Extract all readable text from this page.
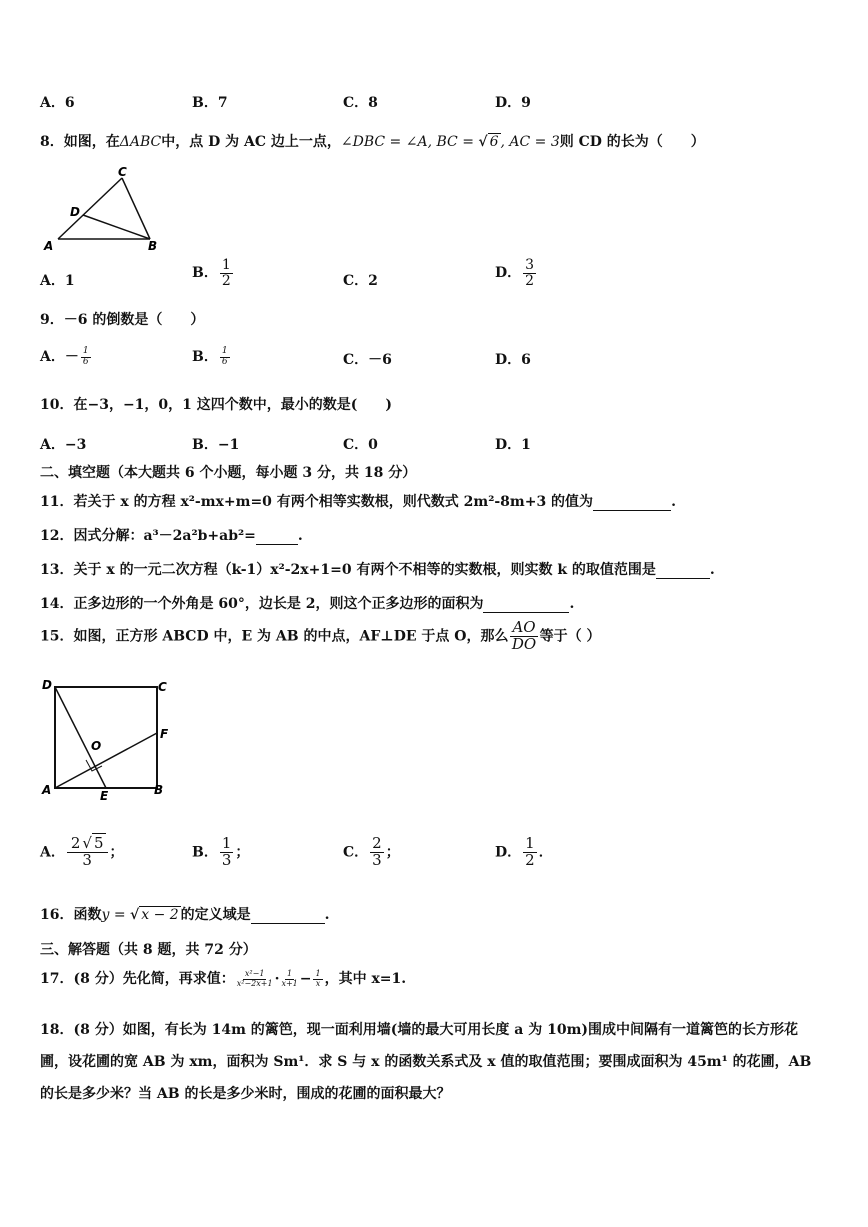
A．6	B．7	C．8	D．9
8．如图，在ΔABC中，点 D 为 AC 边上一点，∠DBC = ∠A, BC = √ 6 , AC = 3则 CD 的长为（　　）
A	B
C
D
A．1	B． $\frac{1}{2}$	C．2	D． $\frac{3}{2}$
9．－6 的倒数是（　　）
A．－ $\frac{1}{6}$	B． $\frac{1}{6}$	C．－6	D．6
10．在−3，−1，0，1 这四个数中，最小的数是(　　)
A．−3	B．−1	C．0	D．1
二、填空题（本大题共 6 个小题，每小题 3 分，共 18 分）
11．若关于 x 的方程 x²-mx+m=0 有两个相等实数根，则代数式 2m²-8m+3 的值为	.
12．因式分解：a³－2a²b+ab²=	.
13．关于 x 的一元二次方程（k-1）x²-2x+1=0 有两个不相等的实数根，则实数 k 的取值范围是	.
14．正多边形的一个外角是 60°，边长是 2，则这个正多边形的面积为	.
15．如图，正方形 ABCD 中，E 为 AB 的中点，AF⊥DE 于点 O，那么 $\frac{AO}{DO}$ 等于（ ）
D	C
A	B
E
F
O
A． $\frac{2 √ 5}{3}$ ；	B． $\frac{1}{3}$ ；	C． $\frac{2}{3}$ ；	D． $\frac{1}{2}$ ．
16．函数y = √ x − 2 的定义域是	.
三、解答题（共 8 题，共 72 分）
17．(8 分）先化简，再求值： $\frac{\text{x²−1}}{\text{x²−2x+1}} \cdot \frac{1}{x+1} - \frac{1}{x}$ ，其中 x=1.
18．(8 分）如图，有长为 14m 的篱笆，现一面利用墙(墙的最大可用长度 a 为 10m)围成中间隔有一道篱笆的长方形花
圃，设花圃的宽 AB 为 xm，面积为 Sm¹．求 S 与 x 的函数关系式及 x 值的取值范围；要围成面积为 45m¹ 的花圃，AB
的长是多少米？当 AB 的长是多少米时，围成的花圃的面积最大？
